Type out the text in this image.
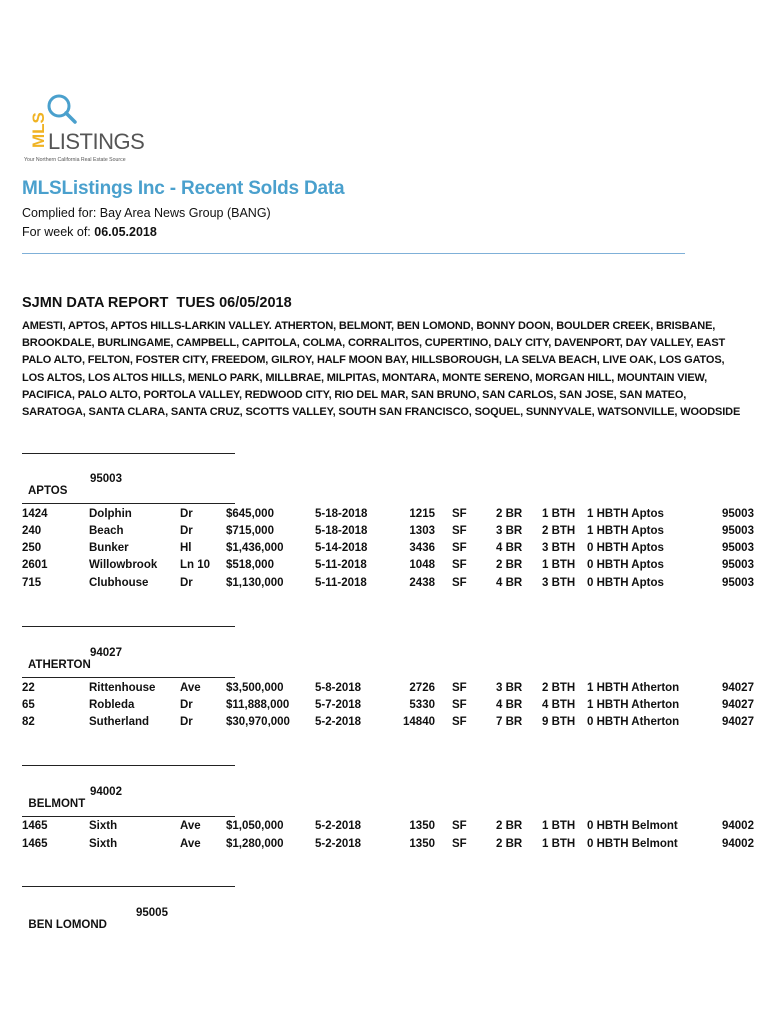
MLS LISTINGS
Your Northern California Real Estate Source
MLSListings Inc - Recent Solds Data
Complied for: Bay Area News Group (BANG)
For week of: 06.05.2018
SJMN DATA REPORT  TUES 06/05/2018
AMESTI, APTOS, APTOS HILLS-LARKIN VALLEY. ATHERTON, BELMONT, BEN LOMOND, BONNY DOON, BOULDER CREEK, BRISBANE,
BROOKDALE, BURLINGAME, CAMPBELL, CAPITOLA, COLMA, CORRALITOS, CUPERTINO, DALY CITY, DAVENPORT, DAY VALLEY, EAST
PALO ALTO, FELTON, FOSTER CITY, FREEDOM, GILROY, HALF MOON BAY, HILLSBOROUGH, LA SELVA BEACH, LIVE OAK, LOS GATOS,
LOS ALTOS, LOS ALTOS HILLS, MENLO PARK, MILLBRAE, MILPITAS, MONTARA, MONTE SERENO, MORGAN HILL, MOUNTAIN VIEW,
PACIFICA, PALO ALTO, PORTOLA VALLEY, REDWOOD CITY, RIO DEL MAR, SAN BRUNO, SAN CARLOS, SAN JOSE, SAN MATEO,
SARATOGA, SANTA CLARA, SANTA CRUZ, SCOTTS VALLEY, SOUTH SAN FRANCISCO, SOQUEL, SUNNYVALE, WATSONVILLE, WOODSIDE

APTOS
95003

1424	Dolphin	Dr	$645,000	5-18-2018	1215 SF	2 BR 1 BTH 1 HBTH Aptos	95003
240	Beach	Dr	$715,000	5-18-2018	1303 SF	3 BR 2 BTH 1 HBTH Aptos	95003
250	Bunker	Hl	$1,436,000	5-14-2018	3436 SF	4 BR 3 BTH 0 HBTH Aptos	95003
2601	Willowbrook Ln 10 $518,000	5-11-2018	1048 SF	2 BR 1 BTH 0 HBTH Aptos	95003
715	Clubhouse	Dr	$1,130,000	5-11-2018	2438 SF	4 BR 3 BTH 0 HBTH Aptos	95003

ATHERTON
94027

22	Rittenhouse Ave $3,500,000	5-8-2018	2726 SF	3 BR 2 BTH 1 HBTH Atherton	94027
65	Robleda	Dr	$11,888,000 5-7-2018	5330 SF	4 BR 4 BTH 1 HBTH Atherton	94027
82	Sutherland	Dr	$30,970,000 5-2-2018	14840 SF	7 BR 9 BTH 0 HBTH Atherton	94027

BELMONT
94002

1465	Sixth	Ave $1,050,000	5-2-2018	1350 SF	2 BR 1 BTH 0 HBTH Belmont	94002
1465	Sixth	Ave $1,280,000	5-2-2018	1350 SF	2 BR 1 BTH 0 HBTH Belmont	94002

BEN LOMOND
95005
